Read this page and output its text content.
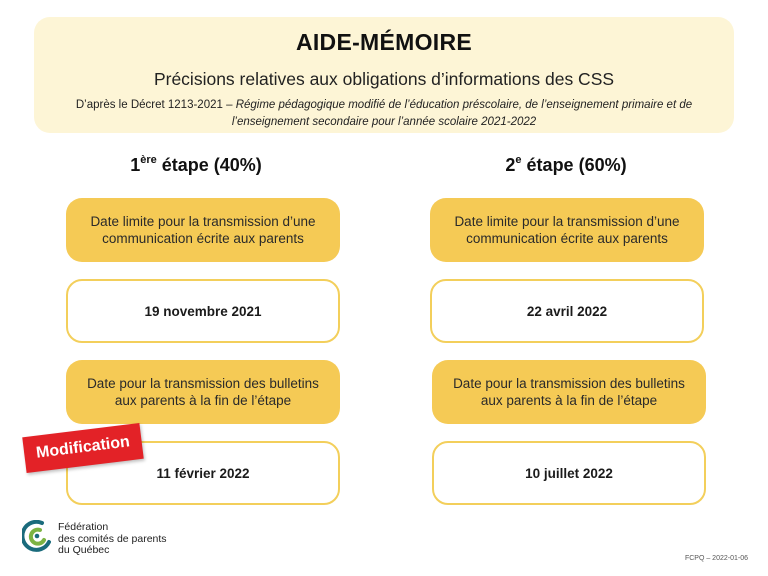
AIDE-MÉMOIRE
Précisions relatives aux obligations d’informations des CSS
D’après le Décret 1213-2021 – Régime pédagogique modifié de l’éducation préscolaire, de l’enseignement primaire et de l’enseignement secondaire pour l’année scolaire 2021-2022
1ère étape (40%)	2e étape (60%)
Date limite pour la transmission d’une communication écrite aux parents
19 novembre 2021
Date pour la transmission des bulletins aux parents à la fin de l’étape
11 février 2022
Date limite pour la transmission d’une communication écrite aux parents
22 avril 2022
Date pour la transmission des bulletins aux parents à la fin de l’étape
10 juillet 2022
Modification
Fédération
des comités de parents
du Québec
FCPQ – 2022-01-06
